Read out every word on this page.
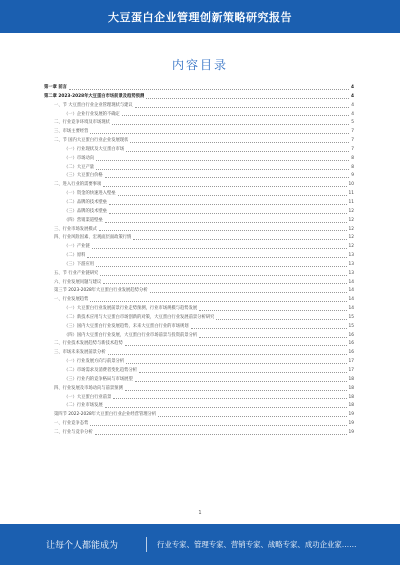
大豆蛋白企业管理创新策略研究报告
内容目录
第一章 前言	4
第二章 2023-2028年大豆蛋白市场前景及趋势预测	4
一、节 大豆蛋白行业企业管理现状与建议	4
（一）企业行业发展的不确定	4
二、行业竞争环境及市场现状	5
三、市场主要经营	7
二、节 国内大豆蛋白行业企业发展现状	7
（一）行业现状及大豆蛋白市场	7
（一）市场动向	8
（二）大豆产量	8
（三）大豆蛋白价格	9
二、进入行业的需要事项	10
（一）资金的快速进入壁垒	11
（二）品牌的技术壁垒	11
（三）品牌的技术壁垒	12
（四）营销渠道壁垒	12
三、行业市场发展模式	12
四、行业风险因素、宏观面层面政策行情	12
（一）产业链	12
（二）原料	13
（三）下游应用	13
五、节 行业产业链研究	13
六、行业发展问题与建议	14
第三节 2023-2028年大豆蛋白行业发展趋势分析	14
一、行业发展趋势	14
（一）大豆蛋白行业发展前景行业走势预测，行业市场规模与趋势发展	14
（二）新技术应用与大豆蛋白市场创新的对策，大豆蛋白行业发展前景分析研究	15
（三）国内大豆蛋白行业发展趋势，未来大豆蛋白行业的市场规划	15
（四）国内大豆蛋白行业发展，大豆蛋白行业市场前景与投资前景分析	16
二、行业技术发展趋势与新技术趋势	16
三、市场未来发展前景分析	16
（一）行业发展方向与前景分析	17
（二）市场需求及消费者变化趋势分析	17
（三）行业内的竞争格局与市场展望	18
四、行业发展及市场动向与前景预测	18
（一）大豆蛋白行业前景	18
（二）行业市场发展	18
第四节 2022-2028年大豆蛋白行业企业经营管理分析	19
一、行业竞争态势	19
二、行业与竞争分析	19
1
让每个人都能成为	行业专家、管理专家、营销专家、战略专家、成功企业家……
